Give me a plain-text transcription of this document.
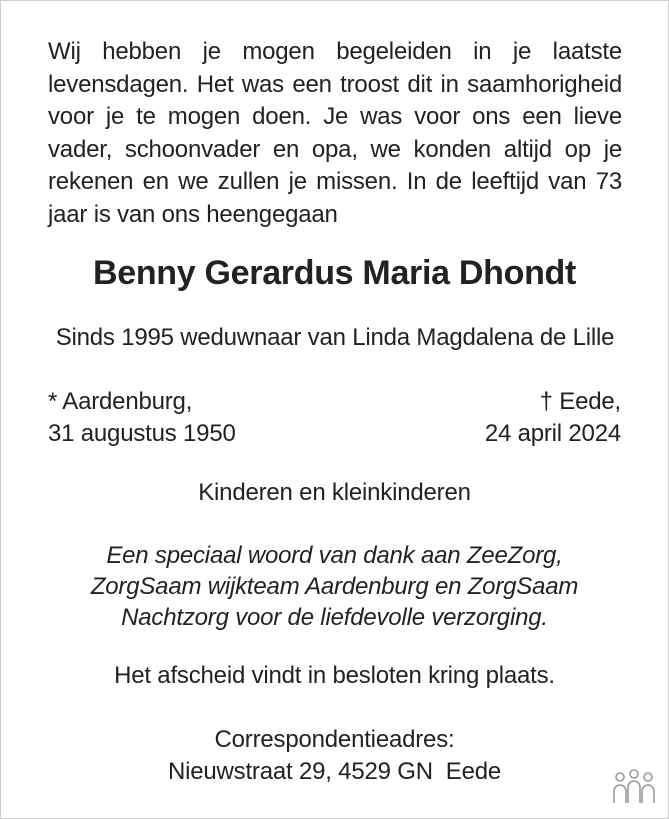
Wij hebben je mogen begeleiden in je laatste levensdagen. Het was een troost dit in saamhorigheid voor je te mogen doen. Je was voor ons een lieve vader, schoonvader en opa, we konden altijd op je rekenen en we zullen je missen. In de leeftijd van 73 jaar is van ons heengegaan

Benny Gerardus Maria Dhondt
Sinds 1995 weduwnaar van Linda Magdalena de Lille
* Aardenburg,
31 augustus 1950
† Eede,
24 april 2024
Kinderen en kleinkinderen
Een speciaal woord van dank aan ZeeZorg,
ZorgSaam wijkteam Aardenburg en ZorgSaam
Nachtzorg voor de liefdevolle verzorging.
Het afscheid vindt in besloten kring plaats.
Correspondentieadres:
Nieuwstraat 29, 4529 GN  Eede
